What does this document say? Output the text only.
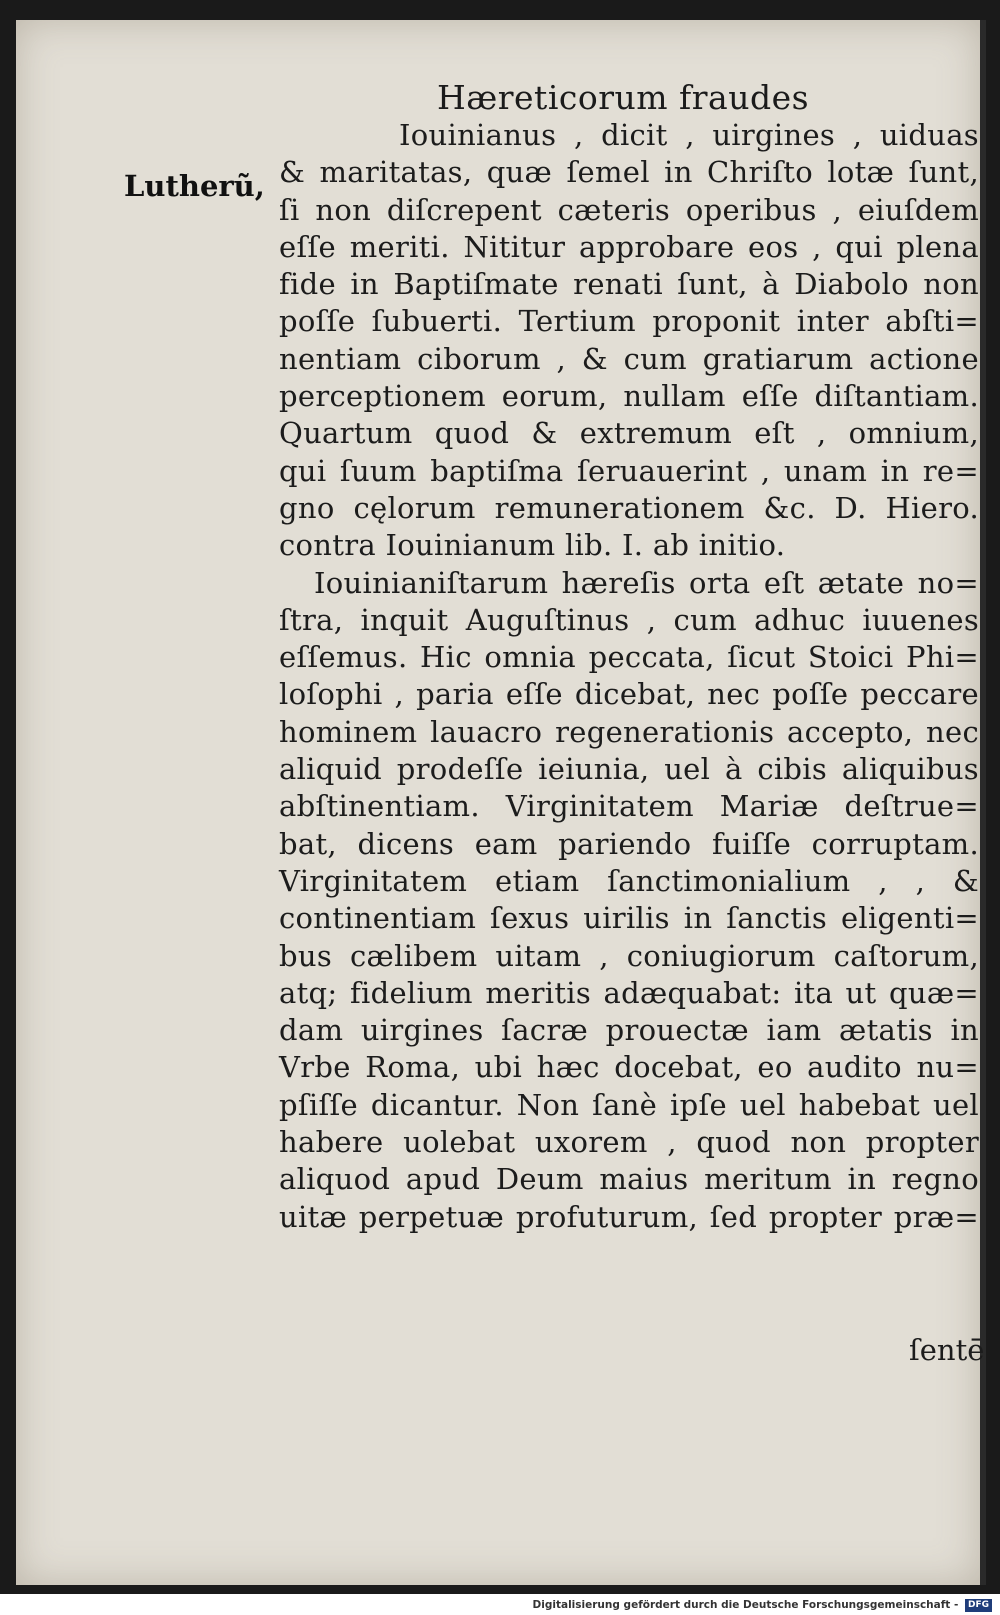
Hæreticorum fraudes
Lutherũ,
Iouinianus , dicit , uirgines , uiduas
& maritatas, quæ ſemel in Chriſto lotæ ſunt,
ſi non diſcrepent cæteris operibus , eiuſdem
eſſe meriti. Nititur approbare eos , qui plena
fide in Baptiſmate renati ſunt, à Diabolo non
poſſe ſubuerti. Tertium proponit inter abſti=
nentiam ciborum , & cum gratiarum actione
perceptionem eorum, nullam eſſe diſtantiam.
Quartum quod & extremum eſt , omnium,
qui ſuum baptiſma ſeruauerint , unam in re=
gno cęlorum remunerationem &c. D. Hiero.
contra Iouinianum lib. I. ab initio.
Iouinianiſtarum hæreſis orta eſt ætate no=
ſtra, inquit Auguſtinus , cum adhuc iuuenes
eſſemus. Hic omnia peccata, ſicut Stoici Phi=
loſophi , paria eſſe dicebat, nec poſſe peccare
hominem lauacro regenerationis accepto, nec
aliquid prodeſſe ieiunia, uel à cibis aliquibus
abſtinentiam. Virginitatem Mariæ deſtrue=
bat, dicens eam pariendo fuiſſe corruptam.
Virginitatem etiam ſanctimonialium , , &
continentiam ſexus uirilis in ſanctis eligenti=
bus cælibem uitam , coniugiorum caſtorum,
atq; fidelium meritis adæquabat: ita ut quæ=
dam uirgines ſacræ prouectæ iam ætatis in
Vrbe Roma, ubi hæc docebat, eo audito nu=
pſiſſe dicantur. Non ſanè ipſe uel habebat uel
habere uolebat uxorem , quod non propter
aliquod apud Deum maius meritum in regno
uitæ perpetuæ profuturum, ſed propter præ=
ſentē
Digitalisierung gefördert durch die Deutsche Forschungsgemeinschaft - DFG
